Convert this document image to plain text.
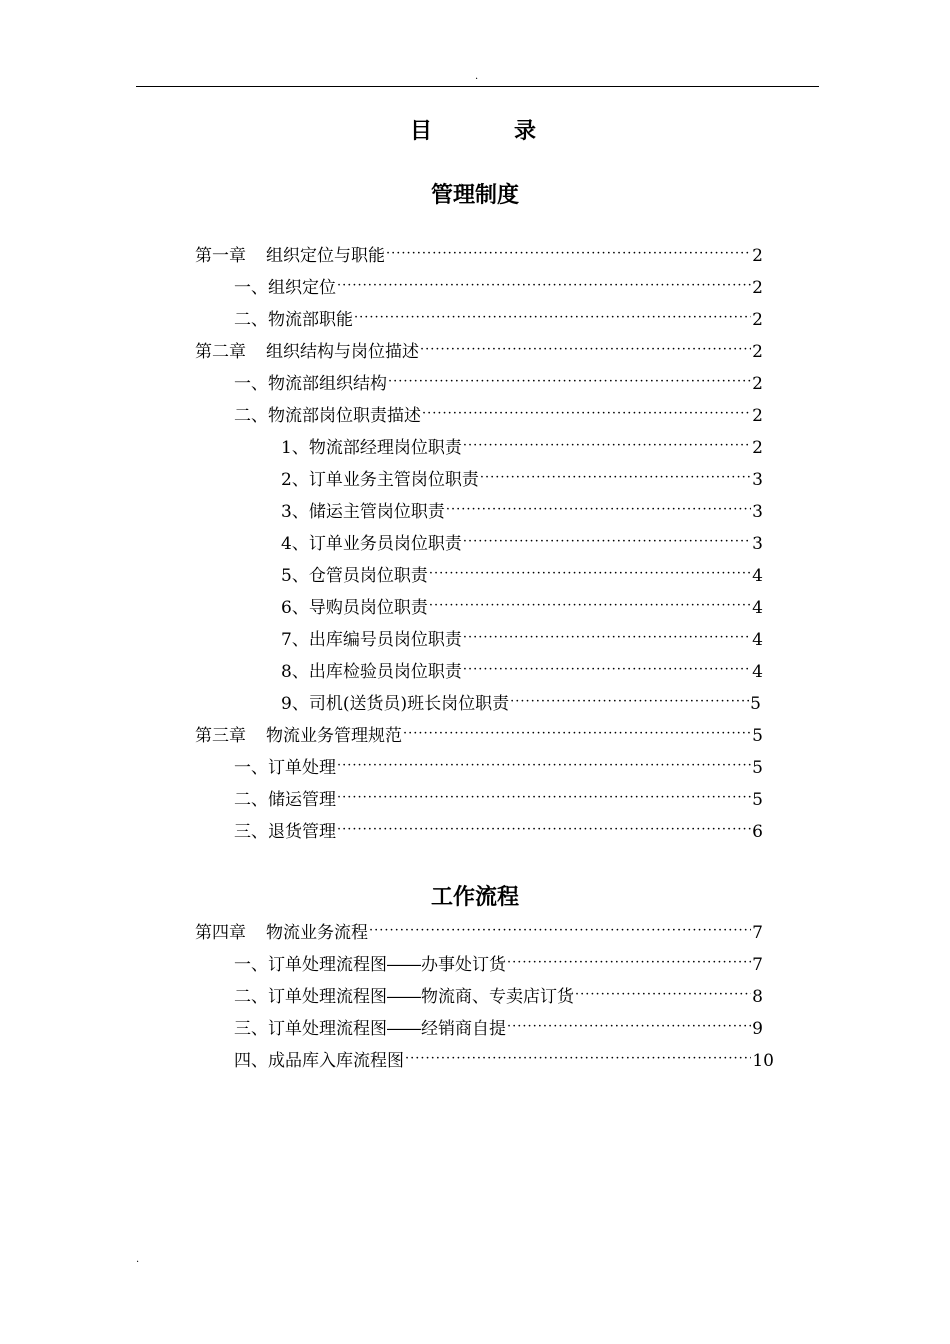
.
目	录
管理制度
工作流程
第一章 组织定位与职能 ·····	2
一、组织定位 ·····	2
二、物流部职能 ·····	2
第二章 组织结构与岗位描述 ·····	2
一、物流部组织结构 ·····	2
二、物流部岗位职责描述 ·····	2
1、物流部经理岗位职责 ·····	2
2、订单业务主管岗位职责 ·····	3
3、储运主管岗位职责 ·····	3
4、订单业务员岗位职责 ·····	3
5、仓管员岗位职责 ·····	4
6、导购员岗位职责 ·····	4
7、出库编号员岗位职责 ·····	4
8、出库检验员岗位职责 ·····	4
9、司机(送货员)班长岗位职责 ·····	5
第三章 物流业务管理规范 ·····	5
一、订单处理 ·····	5
二、储运管理 ·····	5
三、退货管理 ·····	6
第四章 物流业务流程 ·····	7
一、订单处理流程图――办事处订货 ·····	7
二、订单处理流程图――物流商、专卖店订货 ·····	8
三、订单处理流程图――经销商自提 ·····	9
四、成品库入库流程图 ·····	10
.
